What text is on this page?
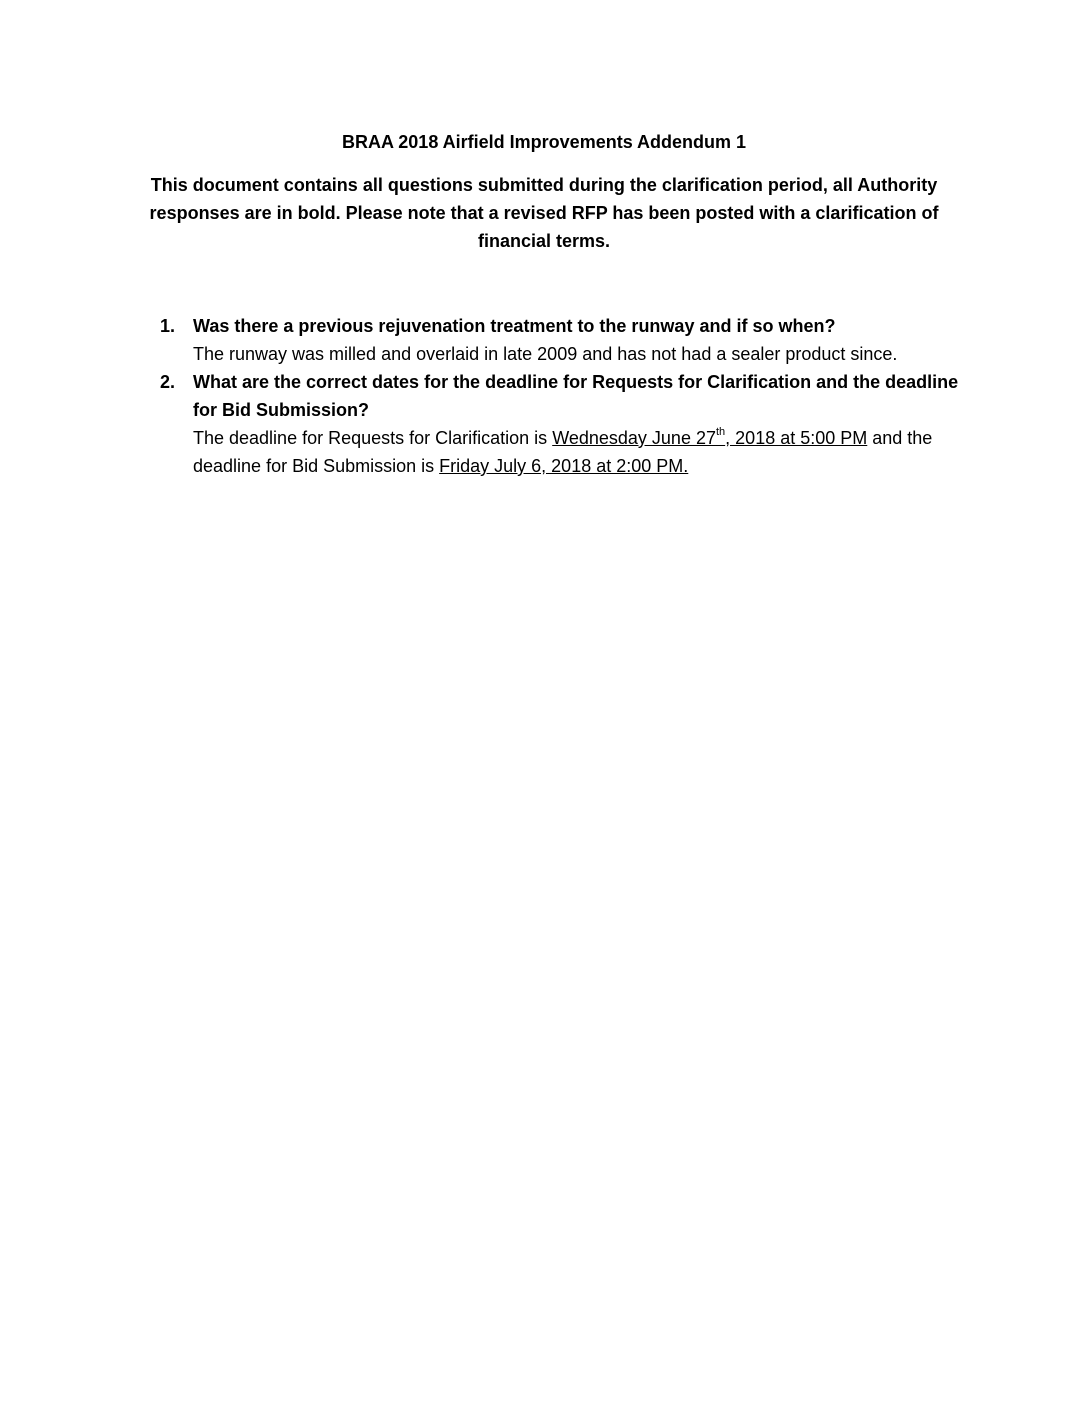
BRAA 2018 Airfield Improvements Addendum 1
This document contains all questions submitted during the clarification period, all Authority responses are in bold. Please note that a revised RFP has been posted with a clarification of financial terms.
1. Was there a previous rejuvenation treatment to the runway and if so when?
The runway was milled and overlaid in late 2009 and has not had a sealer product since.
2. What are the correct dates for the deadline for Requests for Clarification and the deadline for Bid Submission?
The deadline for Requests for Clarification is Wednesday June 27th, 2018 at 5:00 PM and the deadline for Bid Submission is Friday July 6, 2018 at 2:00 PM.
